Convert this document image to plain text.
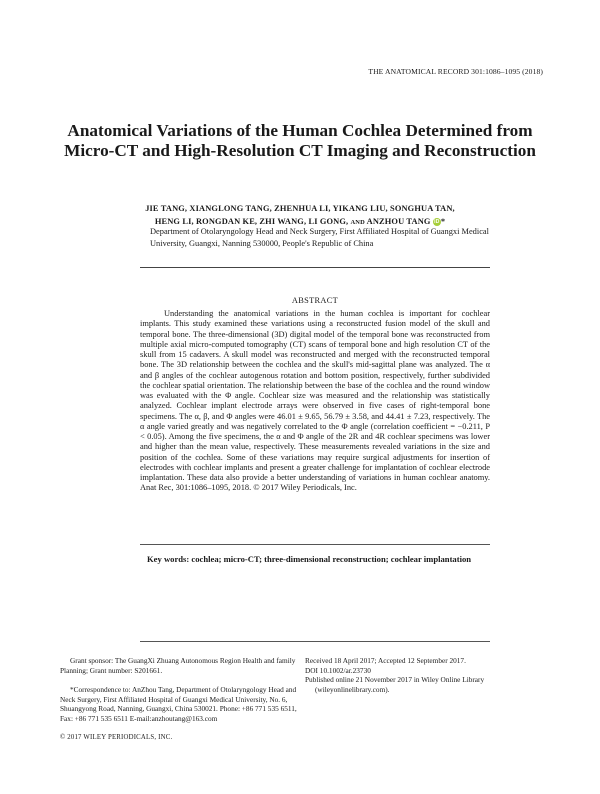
THE ANATOMICAL RECORD 301:1086–1095 (2018)
Anatomical Variations of the Human Cochlea Determined from Micro-CT and High-Resolution CT Imaging and Reconstruction
JIE TANG, XIANGLONG TANG, ZHENHUA LI, YIKANG LIU, SONGHUA TAN,
HENG LI, RONGDAN KE, ZHI WANG, LI GONG, AND ANZHOU TANG iD*
Department of Otolaryngology Head and Neck Surgery, First Affiliated Hospital of Guangxi Medical University, Guangxi, Nanning 530000, People's Republic of China
ABSTRACT
Understanding the anatomical variations in the human cochlea is important for cochlear implants. This study examined these variations using a reconstructed fusion model of the skull and temporal bone. The three-dimensional (3D) digital model of the temporal bone was reconstructed from multiple axial micro-computed tomography (CT) scans of temporal bone and high resolution CT of the skull from 15 cadavers. A skull model was reconstructed and merged with the reconstructed temporal bone. The 3D relationship between the cochlea and the skull's mid-sagittal plane was analyzed. The α and β angles of the cochlear autogenous rotation and bottom position, respectively, further subdivided the cochlear spatial orientation. The relationship between the base of the cochlea and the round window was evaluated with the Φ angle. Cochlear size was measured and the relationship was statistically analyzed. Cochlear implant electrode arrays were observed in five cases of right-temporal bone specimens. The α, β, and Φ angles were 46.01 ± 9.65, 56.79 ± 3.58, and 44.41 ± 7.23, respectively. The α angle varied greatly and was negatively correlated to the Φ angle (correlation coefficient = −0.211, P < 0.05). Among the five specimens, the α and Φ angle of the 2R and 4R cochlear specimens was lower and higher than the mean value, respectively. These measurements revealed variations in the size and position of the cochlea. Some of these variations may require surgical adjustments for insertion of electrodes with cochlear implants and present a greater challenge for implantation of cochlear electrode implantation. These data also provide a better understanding of variations in human cochlear anatomy. Anat Rec, 301:1086–1095, 2018. © 2017 Wiley Periodicals, Inc.
Key words: cochlea; micro-CT; three-dimensional reconstruction; cochlear implantation

Grant sponsor: The GuangXi Zhuang Autonomous Region Health and family Planning; Grant number: S201661.

*Correspondence to: AnZhou Tang, Department of Otolaryngology Head and Neck Surgery, First Affiliated Hospital of Guangxi Medical University, No. 6, Shuangyong Road, Nanning, Guangxi, China 530021. Phone: +86 771 535 6511, Fax: +86 771 535 6511 E-mail:anzhoutang@163.com

Received 18 April 2017; Accepted 12 September 2017.

DOI 10.1002/ar.23730

Published online 21 November 2017 in Wiley Online Library (wileyonlinelibrary.com).

© 2017 WILEY PERIODICALS, INC.
